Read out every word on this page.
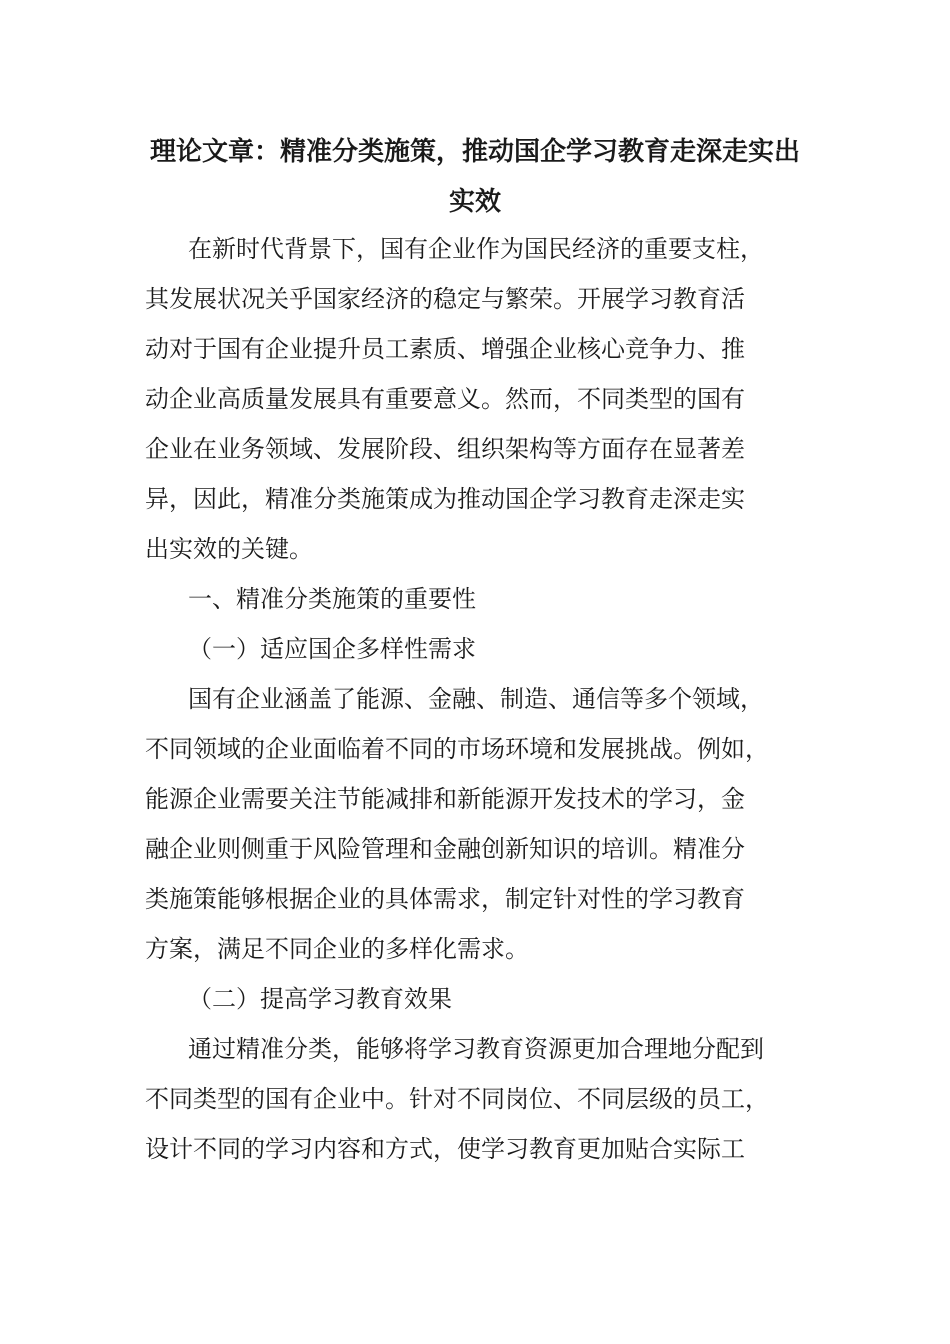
理论文章：精准分类施策，推动国企学习教育走深走实出实效
在新时代背景下，国有企业作为国民经济的重要支柱，
其发展状况关乎国家经济的稳定与繁荣。开展学习教育活
动对于国有企业提升员工素质、增强企业核心竞争力、推
动企业高质量发展具有重要意义。然而，不同类型的国有
企业在业务领域、发展阶段、组织架构等方面存在显著差
异，因此，精准分类施策成为推动国企学习教育走深走实
出实效的关键。
一、精准分类施策的重要性
（一）适应国企多样性需求
国有企业涵盖了能源、金融、制造、通信等多个领域，
不同领域的企业面临着不同的市场环境和发展挑战。例如，
能源企业需要关注节能减排和新能源开发技术的学习，金
融企业则侧重于风险管理和金融创新知识的培训。精准分
类施策能够根据企业的具体需求，制定针对性的学习教育
方案，满足不同企业的多样化需求。
（二）提高学习教育效果
通过精准分类，能够将学习教育资源更加合理地分配到
不同类型的国有企业中。针对不同岗位、不同层级的员工，
设计不同的学习内容和方式，使学习教育更加贴合实际工
